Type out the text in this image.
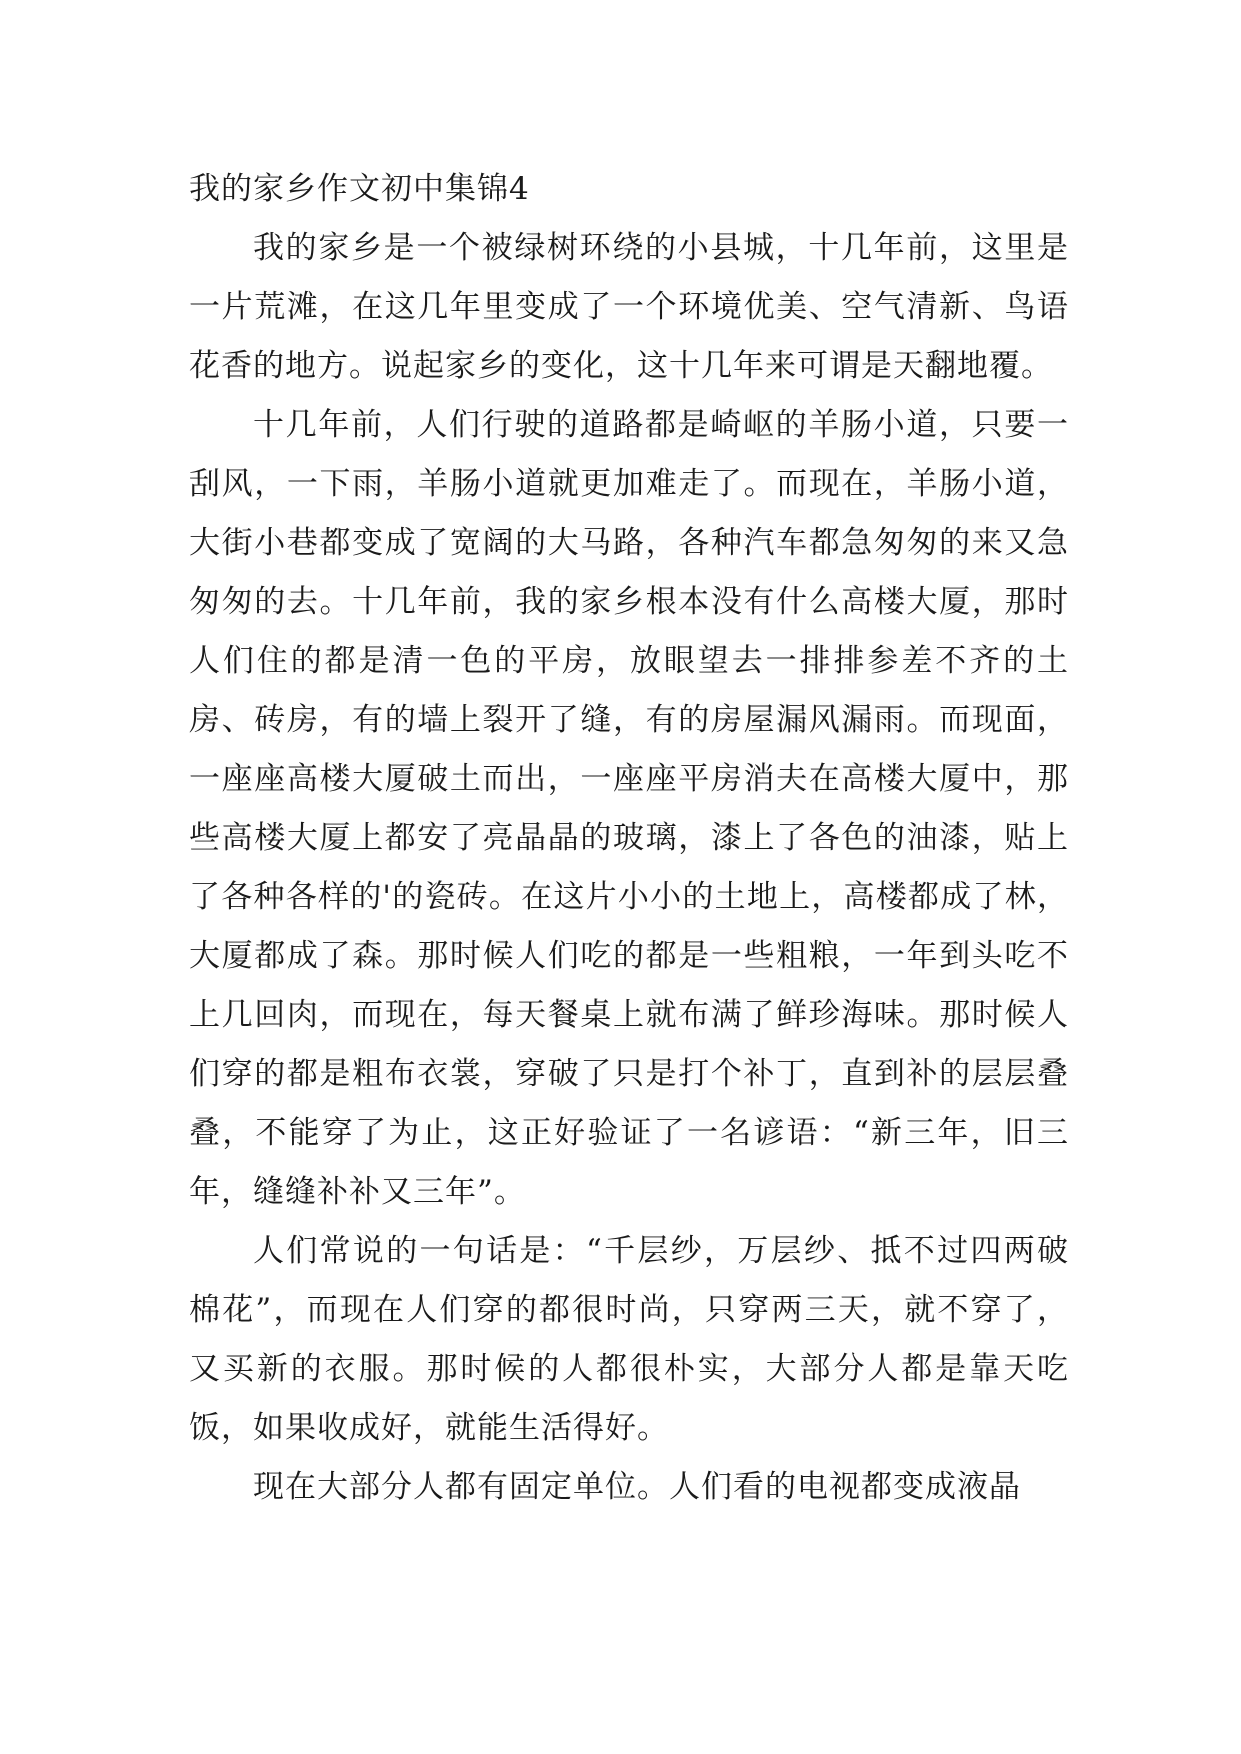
我的家乡作文初中集锦4

我的家乡是一个被绿树环绕的小县城，十几年前，这里是一片荒滩，在这几年里变成了一个环境优美、空气清新、鸟语花香的地方。说起家乡的变化，这十几年来可谓是天翻地覆。

十几年前，人们行驶的道路都是崎岖的羊肠小道，只要一刮风，一下雨，羊肠小道就更加难走了。而现在，羊肠小道，大街小巷都变成了宽阔的大马路，各种汽车都急匆匆的来又急匆匆的去。十几年前，我的家乡根本没有什么高楼大厦，那时人们住的都是清一色的平房，放眼望去一排排参差不齐的土房、砖房，有的墙上裂开了缝，有的房屋漏风漏雨。而现面，一座座高楼大厦破土而出，一座座平房消夫在高楼大厦中，那些高楼大厦上都安了亮晶晶的玻璃，漆上了各色的油漆，贴上了各种各样的'的瓷砖。在这片小小的土地上，高楼都成了林，大厦都成了森。那时候人们吃的都是一些粗粮，一年到头吃不上几回肉，而现在，每天餐桌上就布满了鲜珍海味。那时候人们穿的都是粗布衣裳，穿破了只是打个补丁，直到补的层层叠叠，不能穿了为止，这正好验证了一名谚语：“新三年，旧三年，缝缝补补又三年”。

人们常说的一句话是：“千层纱，万层纱、抵不过四两破棉花”，而现在人们穿的都很时尚，只穿两三天，就不穿了，又买新的衣服。那时候的人都很朴实，大部分人都是靠天吃饭，如果收成好，就能生活得好。

现在大部分人都有固定单位。人们看的电视都变成液晶
